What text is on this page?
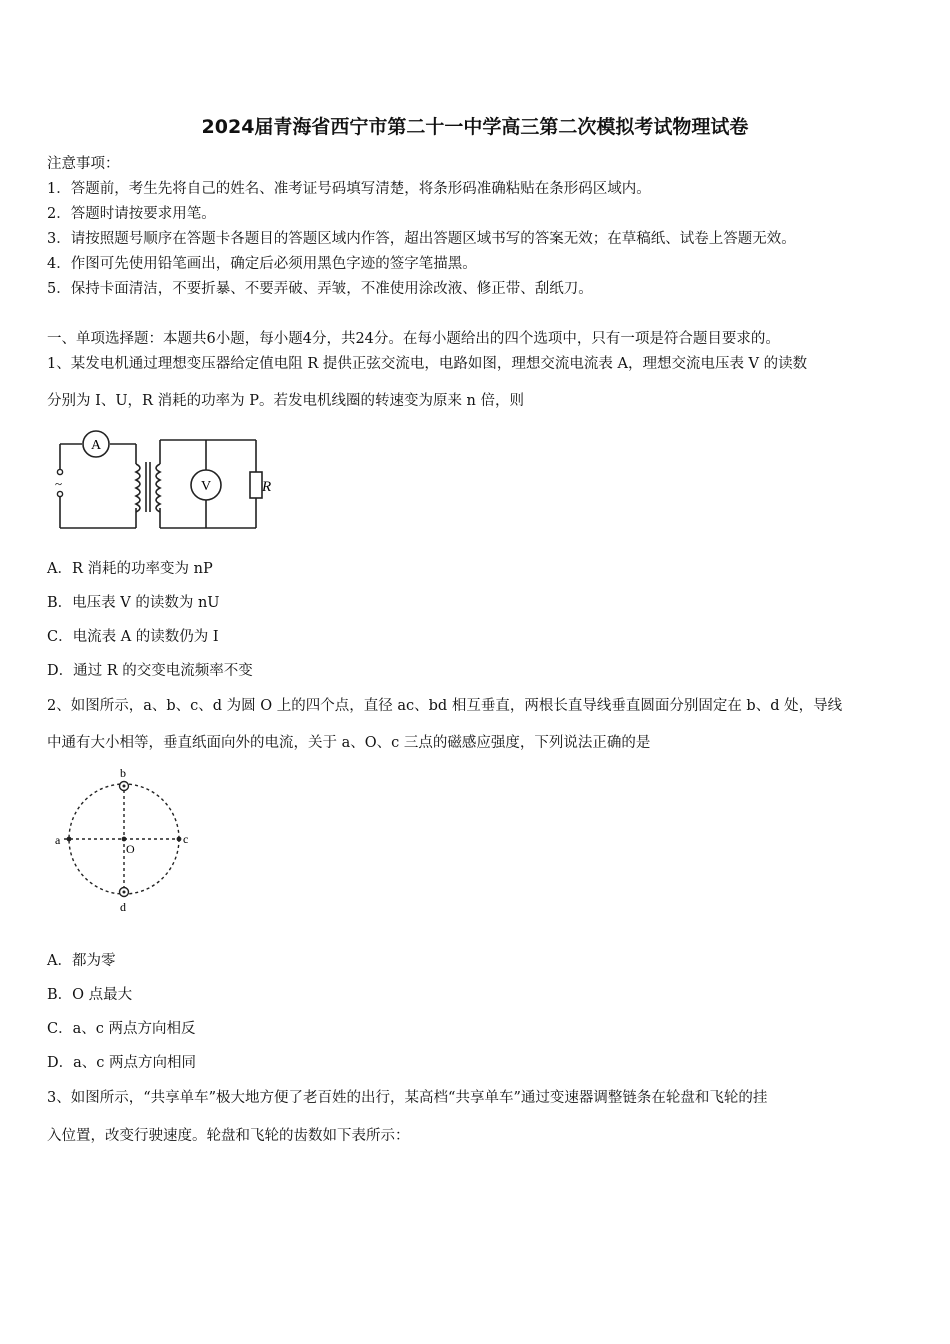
2024届青海省西宁市第二十一中学高三第二次模拟考试物理试卷
注意事项：
1．答题前，考生先将自己的姓名、准考证号码填写清楚，将条形码准确粘贴在条形码区域内。
2．答题时请按要求用笔。
3．请按照题号顺序在答题卡各题目的答题区域内作答，超出答题区域书写的答案无效；在草稿纸、试卷上答题无效。
4．作图可先使用铅笔画出，确定后必须用黑色字迹的签字笔描黑。
5．保持卡面清洁，不要折暴、不要弄破、弄皱，不准使用涂改液、修正带、刮纸刀。
一、单项选择题：本题共6小题，每小题4分，共24分。在每小题给出的四个选项中，只有一项是符合题目要求的。
1、某发电机通过理想变压器给定值电阻 R 提供正弦交流电，电路如图，理想交流电流表 A，理想交流电压表 V 的读数
分别为 I、U，R 消耗的功率为 P。若发电机线圈的转速变为原来 n 倍，则
~
A
V	R
A．R 消耗的功率变为 nP
B．电压表 V 的读数为 nU
C．电流表 A 的读数仍为 I
D．通过 R 的交变电流频率不变
2、如图所示，a、b、c、d 为圆 O 上的四个点，直径 ac、bd 相互垂直，两根长直导线垂直圆面分别固定在 b、d 处，导线
中通有大小相等，垂直纸面向外的电流，关于 a、O、c 三点的磁感应强度，下列说法正确的是
b
a	c
d
O
A．都为零
B．O 点最大
C．a、c 两点方向相反
D．a、c 两点方向相同
3、如图所示，“共享单车”极大地方便了老百姓的出行，某高档“共享单车”通过变速器调整链条在轮盘和飞轮的挂
入位置，改变行驶速度。轮盘和飞轮的齿数如下表所示：
